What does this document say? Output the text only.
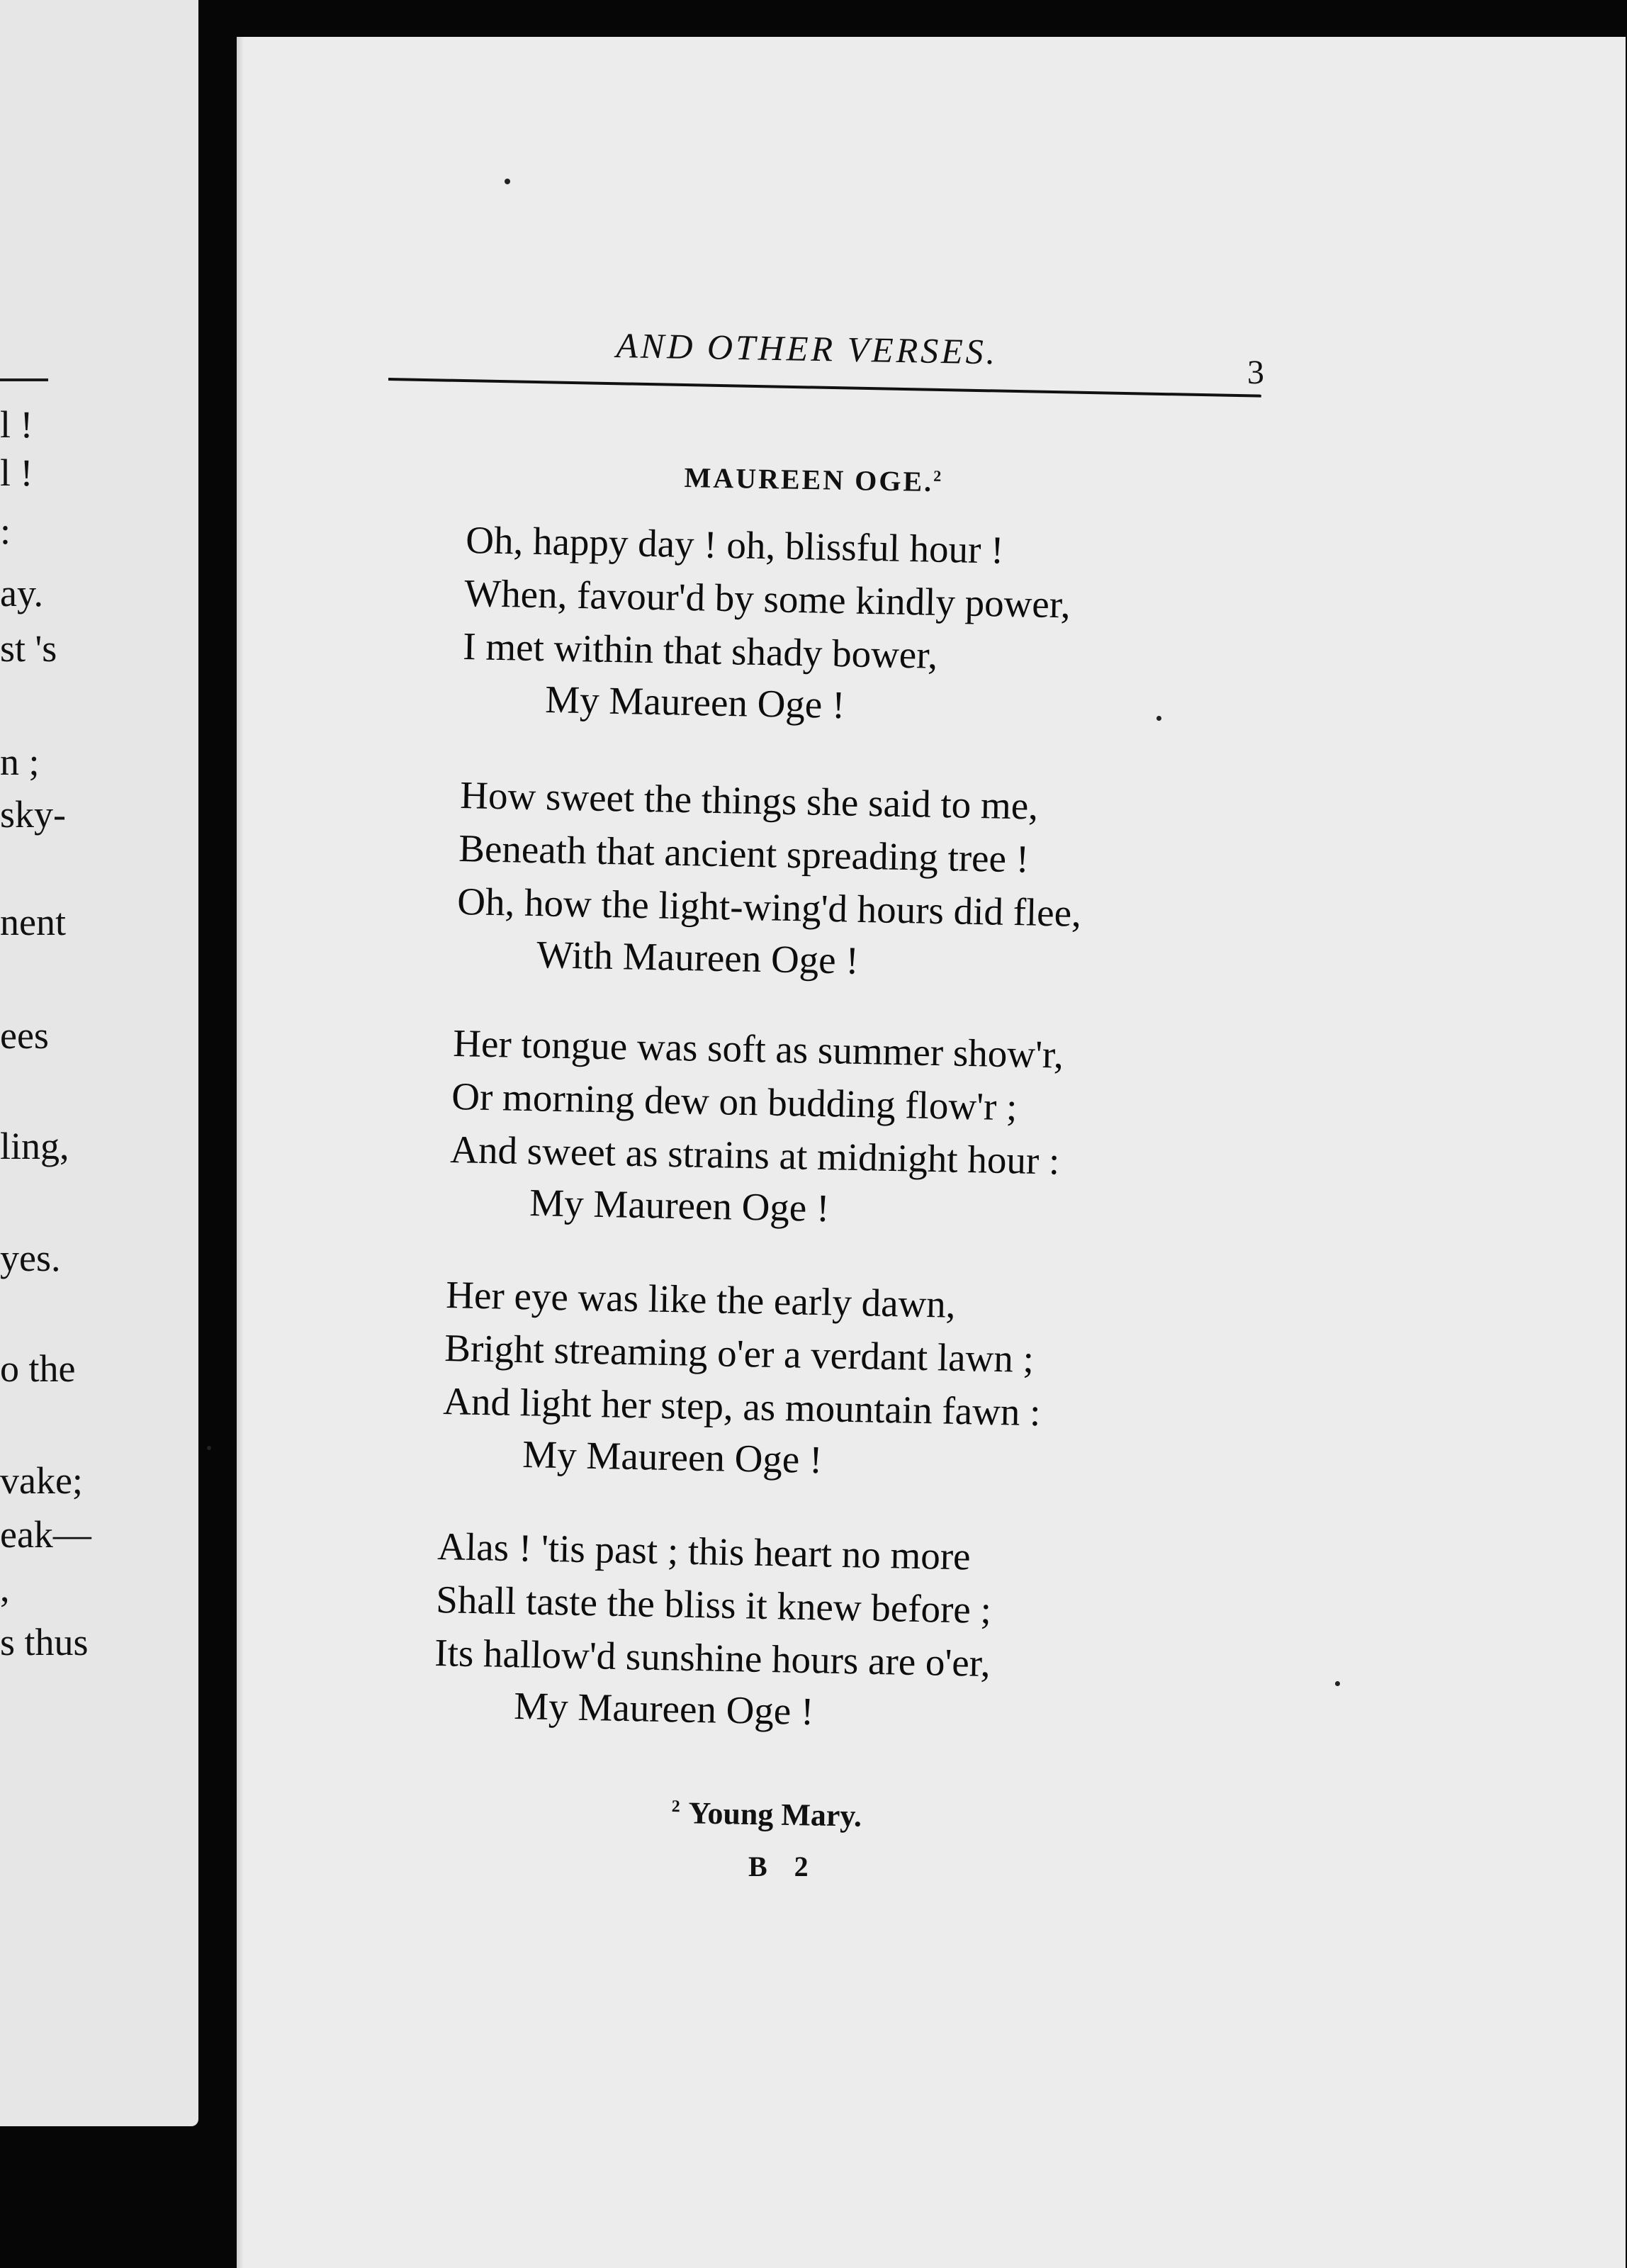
l !
l !
:
ay.
st 's
n ;
sky-
nent
ees
ling,
yes.
o the
vake;
eak—
,
s thus
AND OTHER VERSES.
3
MAUREEN OGE.$^2$
Oh, happy day ! oh, blissful hour !
When, favour'd by some kindly power,
I met within that shady bower,
My Maureen Oge !
How sweet the things she said to me,
Beneath that ancient spreading tree !
Oh, how the light-wing'd hours did flee,
With Maureen Oge !
Her tongue was soft as summer show'r,
Or morning dew on budding flow'r ;
And sweet as strains at midnight hour :
My Maureen Oge !
Her eye was like the early dawn,
Bright streaming o'er a verdant lawn ;
And light her step, as mountain fawn :
My Maureen Oge !
Alas ! 'tis past ; this heart no more
Shall taste the bliss it knew before ;
Its hallow'd sunshine hours are o'er,
My Maureen Oge !
$^2$ Young Mary.
B 2
